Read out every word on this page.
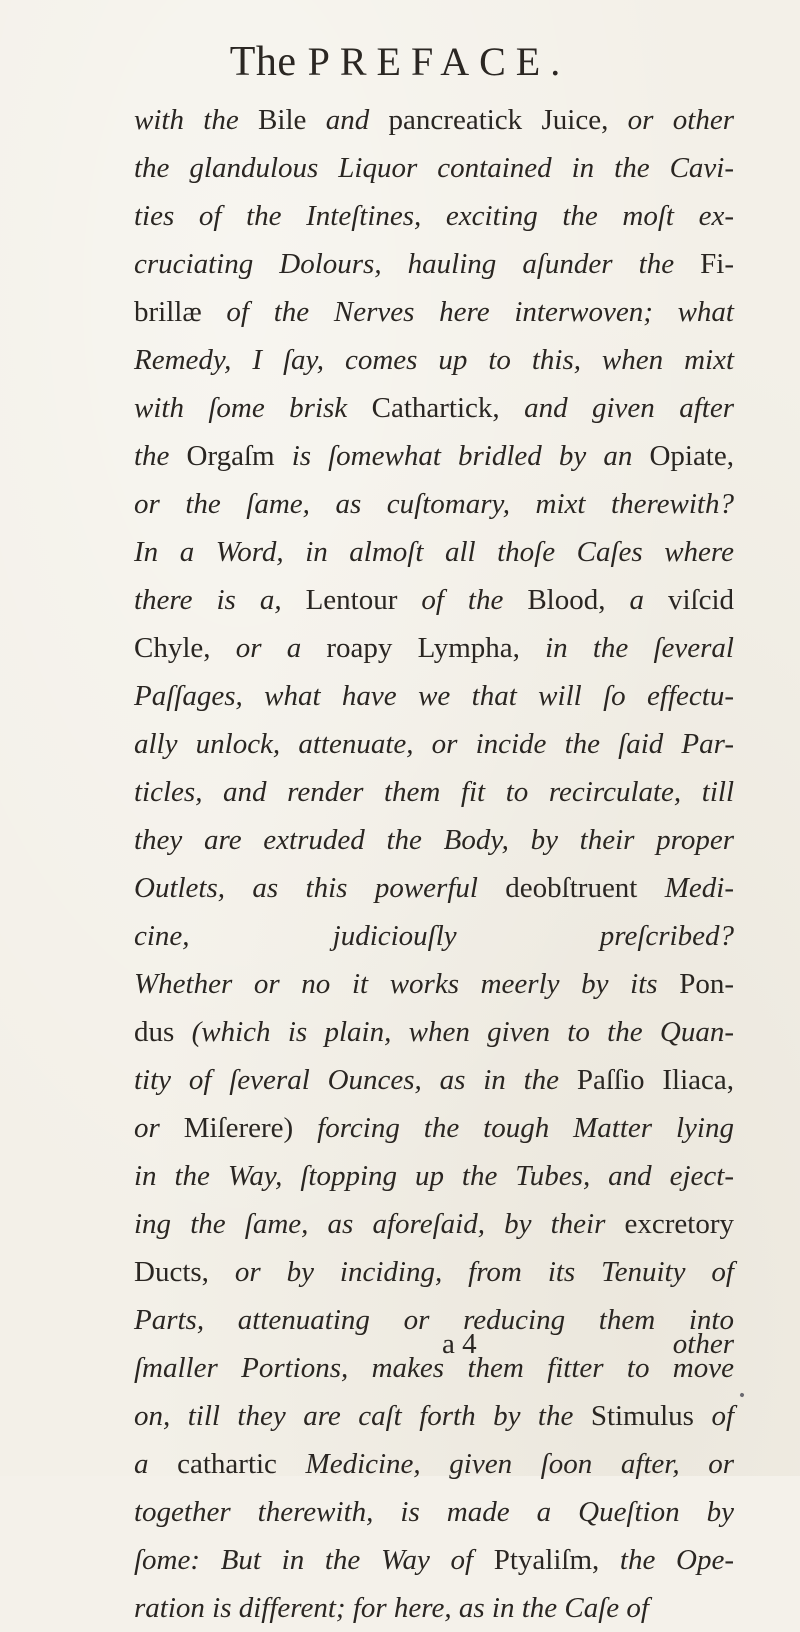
The PREFACE.
with the Bile and pancreatick Juice, or other
the glandulous Liquor contained in the Cavi-
ties of the Inteſtines, exciting the moſt ex-
cruciating Dolours, hauling aſunder the Fi-
brillæ of the Nerves here interwoven; what
Remedy, I ſay, comes up to this, when mixt
with ſome brisk Cathartick, and given after
the Orgaſm is ſomewhat bridled by an Opiate,
or the ſame, as cuſtomary, mixt therewith?
In a Word, in almoſt all thoſe Caſes where
there is a, Lentour of the Blood, a viſcid
Chyle, or a roapy Lympha, in the ſeveral
Paſſages, what have we that will ſo effectu-
ally unlock, attenuate, or incide the ſaid Par-
ticles, and render them fit to recirculate, till
they are extruded the Body, by their proper
Outlets, as this powerful deobſtruent Medi-
cine, judiciouſly preſcribed?
Whether or no it works meerly by its Pon-
dus (which is plain, when given to the Quan-
tity of ſeveral Ounces, as in the Paſſio Iliaca,
or Miſerere) forcing the tough Matter lying
in the Way, ſtopping up the Tubes, and eject-
ing the ſame, as aforeſaid, by their excretory
Ducts, or by inciding, from its Tenuity of
Parts, attenuating or reducing them into
ſmaller Portions, makes them fitter to move
on, till they are caſt forth by the Stimulus of
a cathartic Medicine, given ſoon after, or
together therewith, is made a Queſtion by
ſome: But in the Way of Ptyaliſm, the Ope-
ration is different; for here, as in the Caſe of
a 4	other
